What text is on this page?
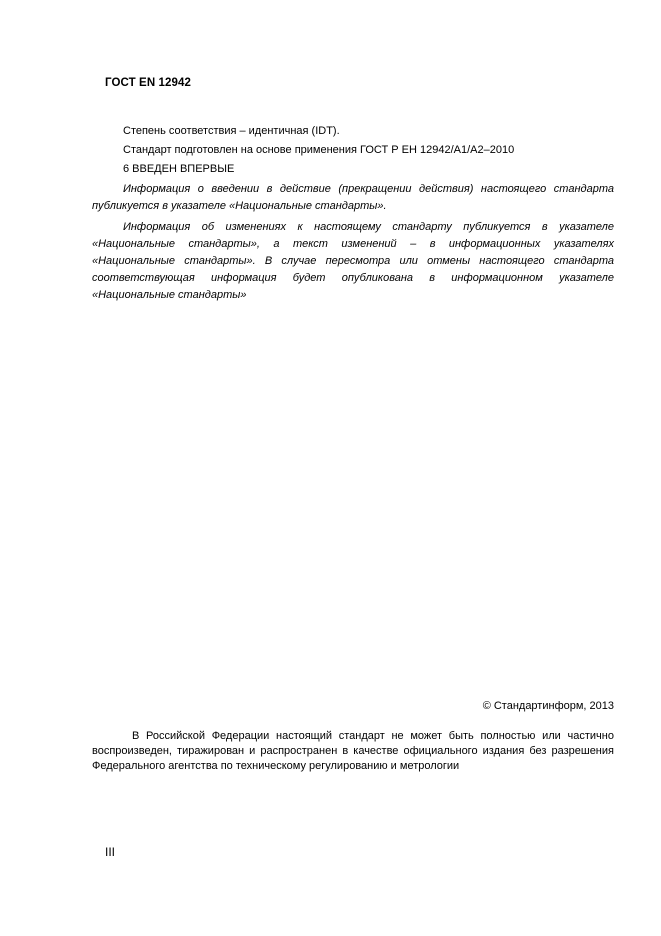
ГОСТ EN 12942
Степень соответствия – идентичная (IDT).
Стандарт подготовлен на основе применения ГОСТ Р ЕН 12942/А1/А2–2010
6 ВВЕДЕН ВПЕРВЫЕ
Информация о введении в действие (прекращении действия) настоящего стандарта публикуется в указателе «Национальные стандарты».
Информация об изменениях к настоящему стандарту публикуется в указателе «Национальные стандарты», а текст изменений – в информационных указателях «Национальные стандарты». В случае пересмотра или отмены настоящего стандарта соответствующая информация будет опубликована в информационном указателе «Национальные стандарты»
© Стандартинформ, 2013
В Российской Федерации настоящий стандарт не может быть полностью или частично воспроизведен, тиражирован и распространен в качестве официального издания без разрешения Федерального агентства по техническому регулированию и метрологии
III
